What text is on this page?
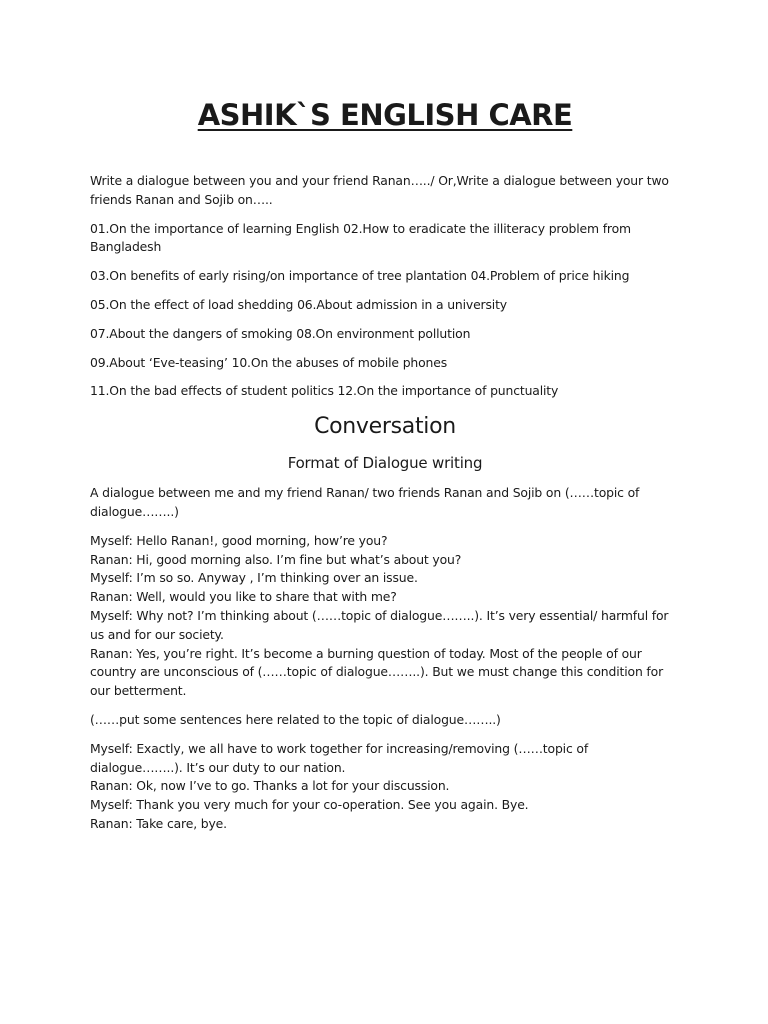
ASHIK`S ENGLISH CARE

Write a dialogue between you and your friend Ranan…../ Or,Write a dialogue between your two friends Ranan and Sojib on…..

01.On the importance of learning English 02.How to eradicate the illiteracy problem from Bangladesh

03.On benefits of early rising/on importance of tree plantation 04.Problem of price hiking

05.On the effect of load shedding 06.About admission in a university

07.About the dangers of smoking 08.On environment pollution

09.About ‘Eve-teasing’ 10.On the abuses of mobile phones

11.On the bad effects of student politics 12.On the importance of punctuality

Conversation
Format of Dialogue writing

A dialogue between me and my friend Ranan/ two friends Ranan and Sojib on (……topic of dialogue……..)

Myself: Hello Ranan!, good morning, how’re you?
Ranan: Hi, good morning also. I’m fine but what’s about you?
Myself: I’m so so. Anyway , I’m thinking over an issue.
Ranan: Well, would you like to share that with me?
Myself: Why not? I’m thinking about (……topic of dialogue……..). It’s very essential/ harmful for us and for our society.
Ranan: Yes, you’re right. It’s become a burning question of today. Most of the people of our country are unconscious of (……topic of dialogue……..). But we must change this condition for our betterment.

(……put some sentences here related to the topic of dialogue……..)

Myself: Exactly, we all have to work together for increasing/removing (……topic of dialogue……..). It’s our duty to our nation.
Ranan: Ok, now I’ve to go. Thanks a lot for your discussion.
Myself: Thank you very much for your co-operation. See you again. Bye.
Ranan: Take care, bye.
